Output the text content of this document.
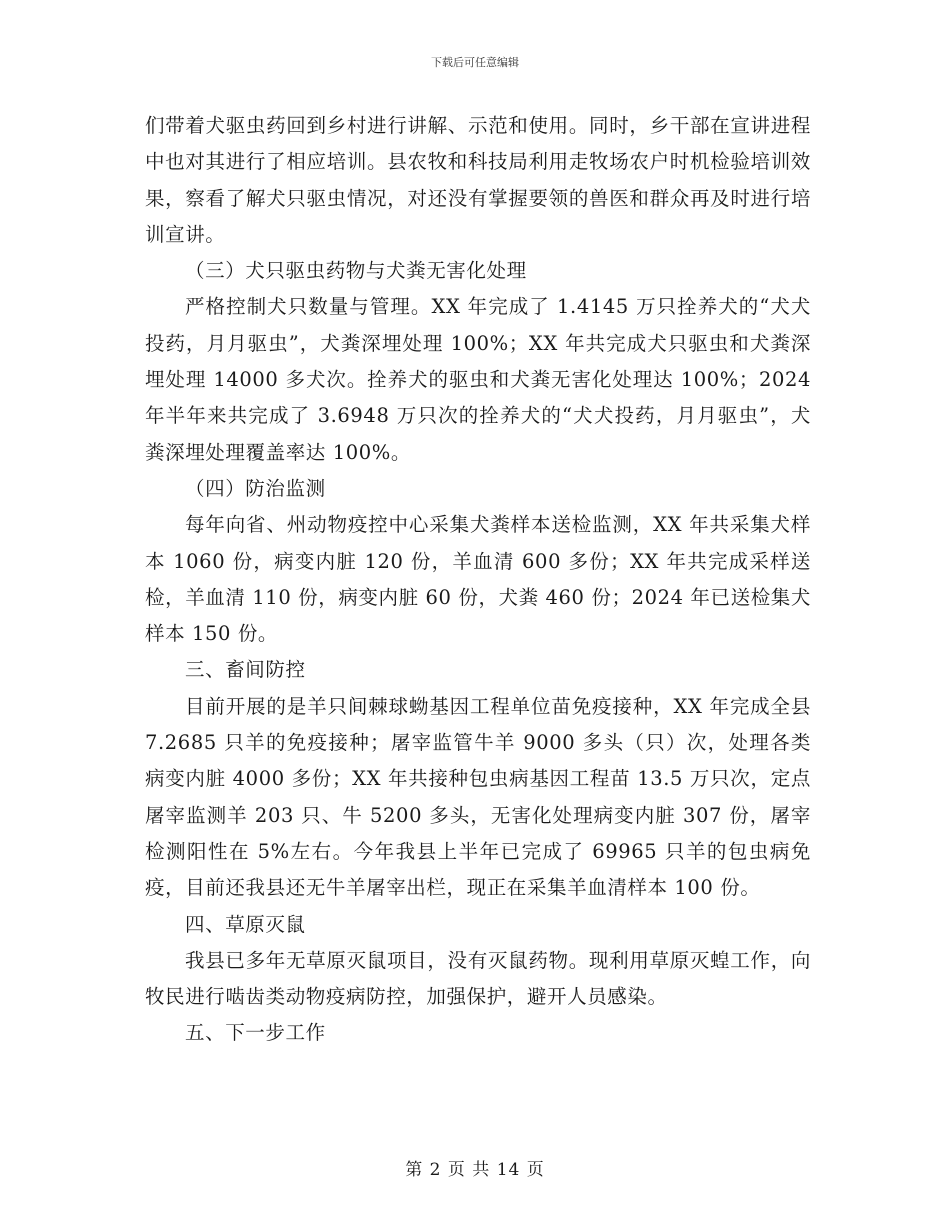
下载后可任意编辑

们带着犬驱虫药回到乡村进行讲解、示范和使用。同时，乡干部在宣讲进程中也对其进行了相应培训。县农牧和科技局利用走牧场农户时机检验培训效果，察看了解犬只驱虫情况，对还没有掌握要领的兽医和群众再及时进行培训宣讲。

（三）犬只驱虫药物与犬粪无害化处理

严格控制犬只数量与管理。XX 年完成了 1.4145 万只拴养犬的“犬犬投药，月月驱虫”，犬粪深埋处理 100%；XX 年共完成犬只驱虫和犬粪深埋处理 14000 多犬次。拴养犬的驱虫和犬粪无害化处理达 100%；2024 年半年来共完成了 3.6948 万只次的拴养犬的“犬犬投药，月月驱虫”，犬粪深埋处理覆盖率达 100%。

（四）防治监测

每年向省、州动物疫控中心采集犬粪样本送检监测，XX 年共采集犬样本 1060 份，病变内脏 120 份，羊血清 600 多份；XX 年共完成采样送检，羊血清 110 份，病变内脏 60 份，犬粪 460 份；2024 年已送检集犬样本 150 份。

三、畜间防控

目前开展的是羊只间棘球蚴基因工程单位苗免疫接种，XX 年完成全县 7.2685 只羊的免疫接种；屠宰监管牛羊 9000 多头（只）次，处理各类病变内脏 4000 多份；XX 年共接种包虫病基因工程苗 13.5 万只次，定点屠宰监测羊 203 只、牛 5200 多头，无害化处理病变内脏 307 份，屠宰检测阳性在 5%左右。今年我县上半年已完成了 69965 只羊的包虫病免疫，目前还我县还无牛羊屠宰出栏，现正在采集羊血清样本 100 份。

四、草原灭鼠

我县已多年无草原灭鼠项目，没有灭鼠药物。现利用草原灭蝗工作，向牧民进行啮齿类动物疫病防控，加强保护，避开人员感染。

五、下一步工作

第 2 页 共 14 页
